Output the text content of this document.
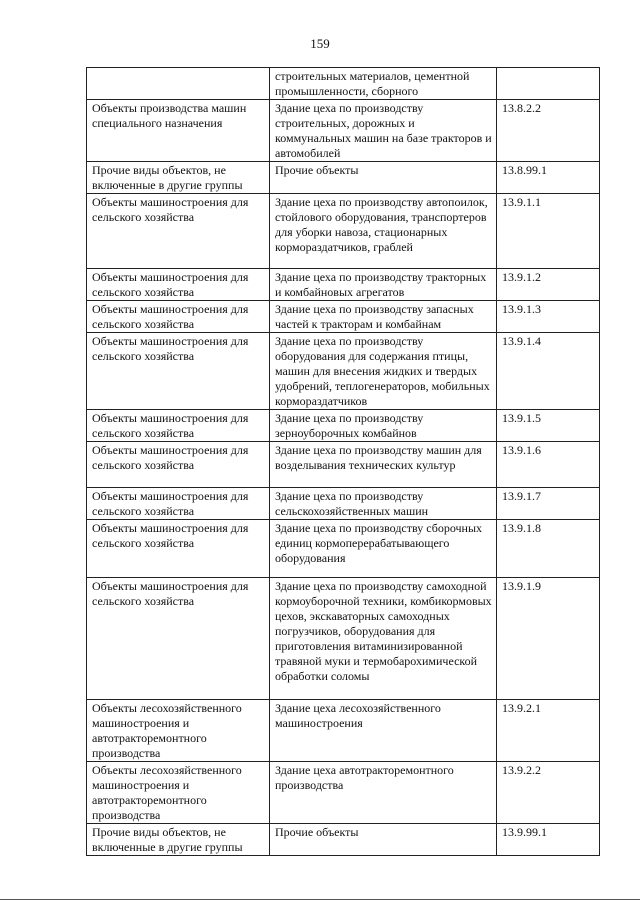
159
	строительных материалов, цементной промышленности, сборного	
Объекты производства машин специального назначения	Здание цеха по производству строительных, дорожных и коммунальных машин на базе тракторов и автомобилей	13.8.2.2
Прочие виды объектов, не включенные в другие группы	Прочие объекты	13.8.99.1
Объекты машиностроения для сельского хозяйства	Здание цеха по производству автопоилок, стойлового оборудования, транспортеров для уборки навоза, стационарных кормораздатчиков, граблей	13.9.1.1
Объекты машиностроения для сельского хозяйства	Здание цеха по производству тракторных и комбайновых агрегатов	13.9.1.2
Объекты машиностроения для сельского хозяйства	Здание цеха по производству запасных частей к тракторам и комбайнам	13.9.1.3
Объекты машиностроения для сельского хозяйства	Здание цеха по производству оборудования для содержания птицы, машин для внесения жидких и твердых удобрений, теплогенераторов, мобильных кормораздатчиков	13.9.1.4
Объекты машиностроения для сельского хозяйства	Здание цеха по производству зерноуборочных комбайнов	13.9.1.5
Объекты машиностроения для сельского хозяйства	Здание цеха по производству машин для возделывания технических культур	13.9.1.6
Объекты машиностроения для сельского хозяйства	Здание цеха по производству сельскохозяйственных машин	13.9.1.7
Объекты машиностроения для сельского хозяйства	Здание цеха по производству сборочных единиц кормоперерабатывающего оборудования	13.9.1.8
Объекты машиностроения для сельского хозяйства	Здание цеха по производству самоходной кормоуборочной техники, комбикормовых цехов, экскаваторных самоходных погрузчиков, оборудования для приготовления витаминизированной травяной муки и термобарохимической обработки соломы	13.9.1.9
Объекты лесохозяйственного машиностроения и автотракторемонтного производства	Здание цеха лесохозяйственного машиностроения	13.9.2.1
Объекты лесохозяйственного машиностроения и автотракторемонтного производства	Здание цеха автотракторемонтного производства	13.9.2.2
Прочие виды объектов, не включенные в другие группы	Прочие объекты	13.9.99.1
